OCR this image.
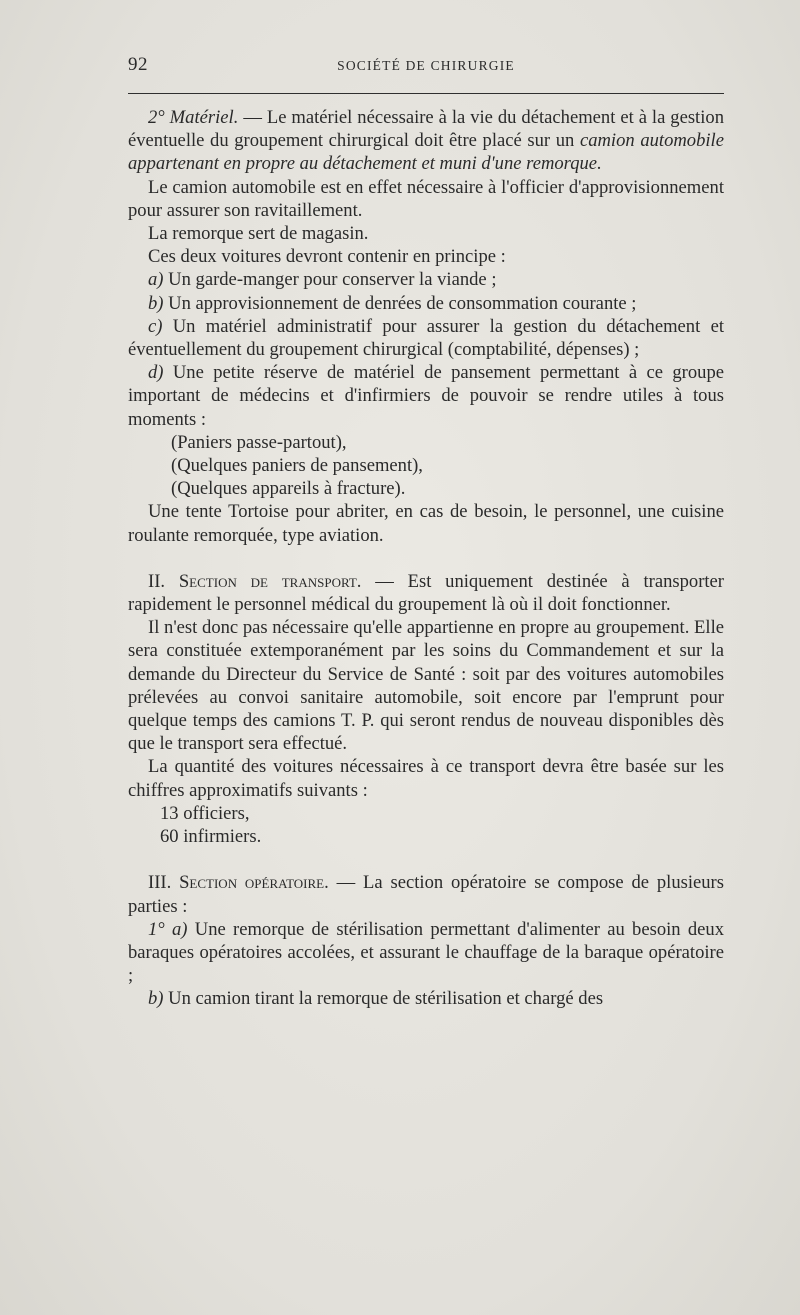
92	SOCIÉTÉ DE CHIRURGIE

2° Matériel. — Le matériel nécessaire à la vie du détachement et à la gestion éventuelle du groupement chirurgical doit être placé sur un camion automobile appartenant en propre au détachement et muni d'une remorque.

Le camion automobile est en effet nécessaire à l'officier d'approvisionnement pour assurer son ravitaillement.

La remorque sert de magasin.

Ces deux voitures devront contenir en principe :

a) Un garde-manger pour conserver la viande ;

b) Un approvisionnement de denrées de consommation courante ;

c) Un matériel administratif pour assurer la gestion du détachement et éventuellement du groupement chirurgical (comptabilité, dépenses) ;

d) Une petite réserve de matériel de pansement permettant à ce groupe important de médecins et d'infirmiers de pouvoir se rendre utiles à tous moments :

(Paniers passe-partout),

(Quelques paniers de pansement),

(Quelques appareils à fracture).

Une tente Tortoise pour abriter, en cas de besoin, le personnel, une cuisine roulante remorquée, type aviation.

II. Section de transport. — Est uniquement destinée à transporter rapidement le personnel médical du groupement là où il doit fonctionner.

Il n'est donc pas nécessaire qu'elle appartienne en propre au groupement. Elle sera constituée extemporanément par les soins du Commandement et sur la demande du Directeur du Service de Santé : soit par des voitures automobiles prélevées au convoi sanitaire automobile, soit encore par l'emprunt pour quelque temps des camions T. P. qui seront rendus de nouveau disponibles dès que le transport sera effectué.

La quantité des voitures nécessaires à ce transport devra être basée sur les chiffres approximatifs suivants :

13 officiers,

60 infirmiers.

III. Section opératoire. — La section opératoire se compose de plusieurs parties :

1° a) Une remorque de stérilisation permettant d'alimenter au besoin deux baraques opératoires accolées, et assurant le chauffage de la baraque opératoire ;

b) Un camion tirant la remorque de stérilisation et chargé des
